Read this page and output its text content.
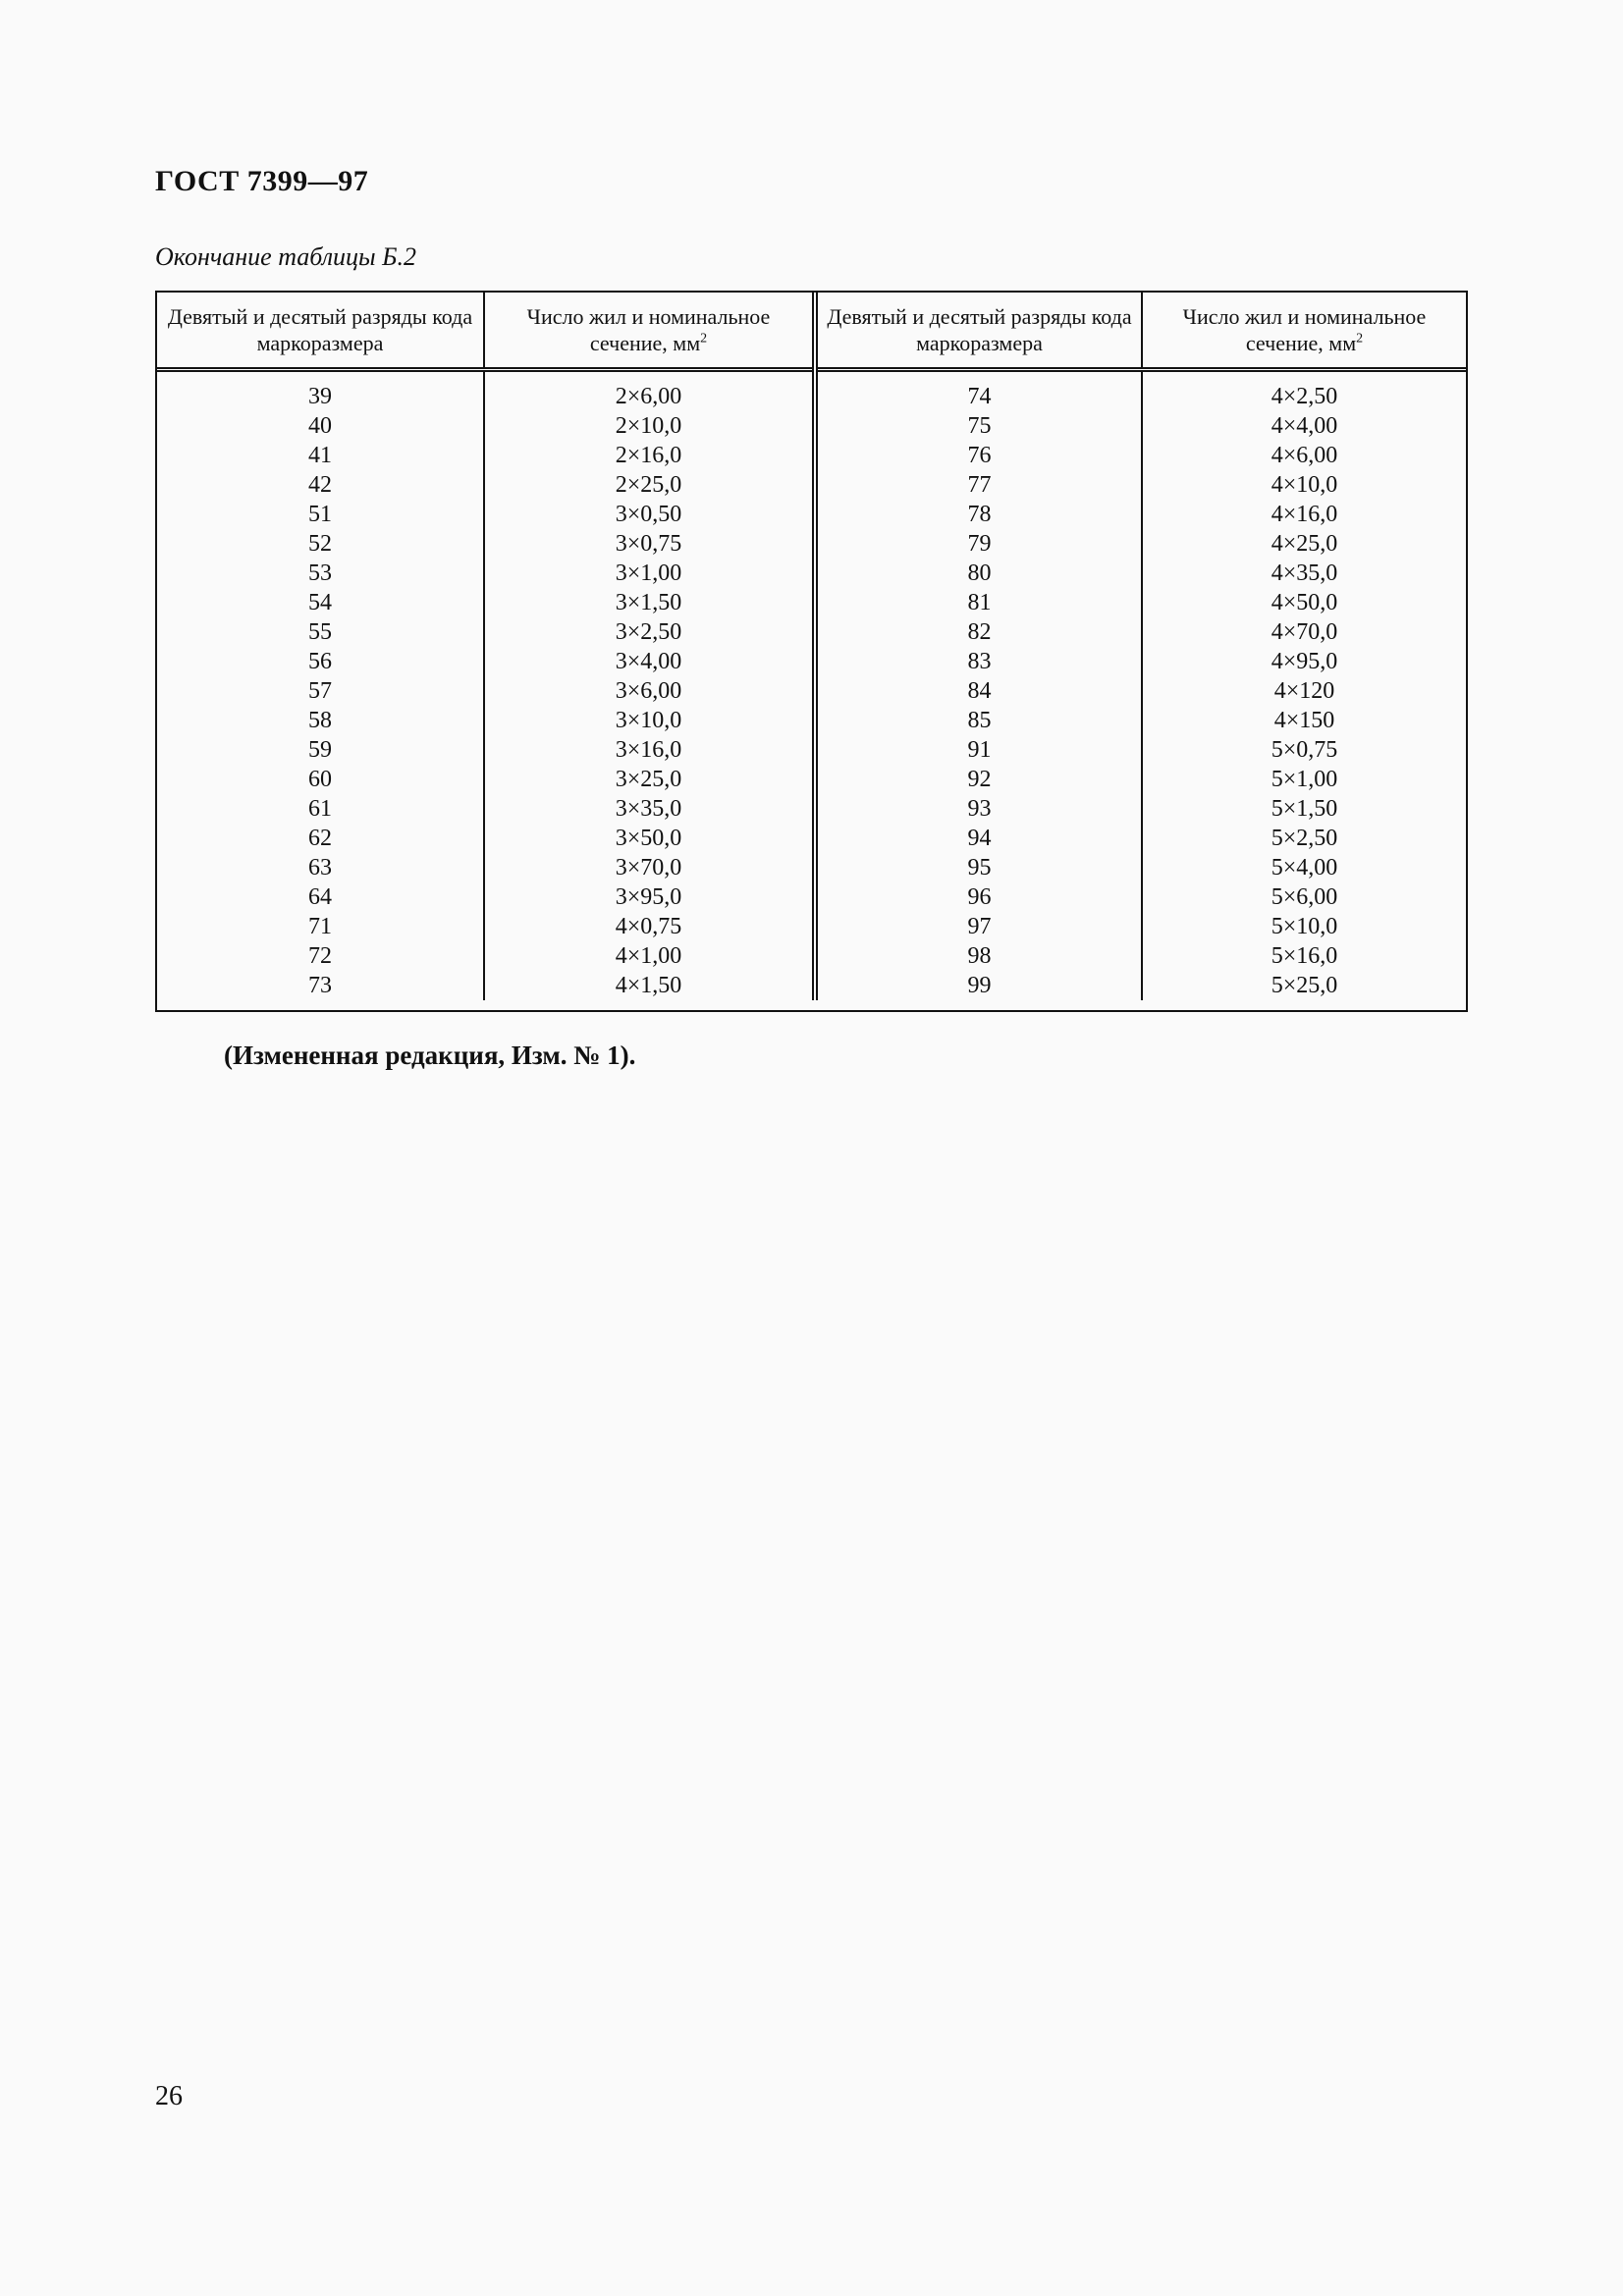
ГОСТ 7399—97
Окончание таблицы Б.2
Девятый и десятый разряды кода маркоразмера	Число жил и номинальное сечение, $мм^2$	Девятый и десятый разряды кода маркоразмера	Число жил и номинальное сечение, $мм^2$
39	2×6,00	74	4×2,50
40	2×10,0	75	4×4,00
41	2×16,0	76	4×6,00
42	2×25,0	77	4×10,0
51	3×0,50	78	4×16,0
52	3×0,75	79	4×25,0
53	3×1,00	80	4×35,0
54	3×1,50	81	4×50,0
55	3×2,50	82	4×70,0
56	3×4,00	83	4×95,0
57	3×6,00	84	4×120
58	3×10,0	85	4×150
59	3×16,0	91	5×0,75
60	3×25,0	92	5×1,00
61	3×35,0	93	5×1,50
62	3×50,0	94	5×2,50
63	3×70,0	95	5×4,00
64	3×95,0	96	5×6,00
71	4×0,75	97	5×10,0
72	4×1,00	98	5×16,0
73	4×1,50	99	5×25,0
(Измененная редакция, Изм. № 1).
26
